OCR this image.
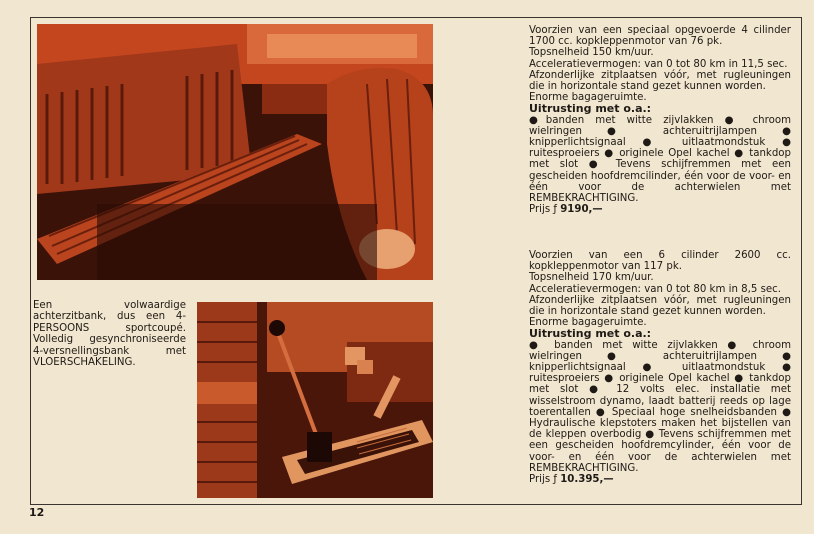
Voorzien van een speciaal opgevoerde 4 cilinder 1700 cc. kopkleppenmotor van 76 pk.

Topsnelheid 150 km/uur.

Acceleratievermogen: van 0 tot 80 km in 11,5 sec.

Afzonderlijke zitplaatsen vóór, met rugleuningen die in horizontale stand gezet kunnen worden.

Enorme bagageruimte.

Uitrusting met o.a.:

●banden met witte zijvlakken ● chroom wielringen ● achteruitrijlampen ● knipperlichtsignaal ● uitlaatmondstuk ● ruitesproeiers ● originele Opel kachel ● tankdop met slot ● Tevens schijfremmen met een gescheiden hoofdremcilinder, één voor de voor- en één voor de achterwielen met REMBEKRACHTIGING.

Prijs ƒ 9190,—

Voorzien van een 6 cilinder 2600 cc. kopkleppenmotor van 117 pk.

Topsnelheid 170 km/uur.

Acceleratievermogen: van 0 tot 80 km in 8,5 sec.

Afzonderlijke zitplaatsen vóór, met rugleuningen die in horizontale stand gezet kunnen worden.

Enorme bagageruimte.

Uitrusting met o.a.:

● banden met witte zijvlakken ● chroom wielringen ● achteruitrijlampen ● knipperlichtsignaal ● uitlaatmondstuk ● ruitesproeiers ● originele Opel kachel ● tankdop met slot ● 12 volts elec. installatie met wisselstroom dynamo, laadt batterij reeds op lage toerentallen ● Speciaal hoge snelheidsbanden ● Hydraulische klepstoters maken het bijstellen van de kleppen overbodig ● Tevens schijfremmen met een gescheiden hoofdremcylinder, één voor de voor- en één voor de achterwielen met REMBEKRACHTIGING.

Prijs ƒ 10.395,—

Een volwaardige achterzitbank, dus een 4-PERSOONS sportcoupé. Volledig gesynchroniseerde 4-versnellingsbank met VLOERSCHAKELING.

12
